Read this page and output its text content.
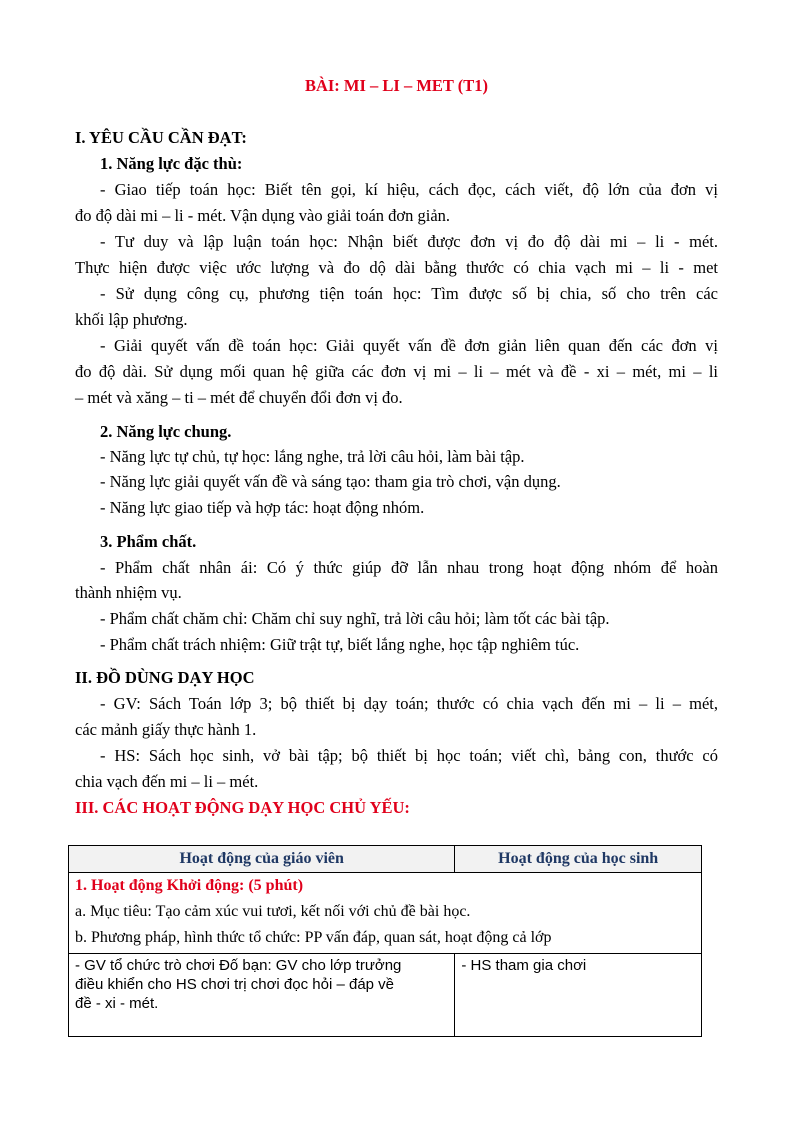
BÀI: MI – LI – MET (T1)
I. YÊU CẦU CẦN ĐẠT:
1. Năng lực đặc thù:
- Giao tiếp toán học: Biết tên gọi, kí hiệu, cách đọc, cách viết, độ lớn của đơn vị
đo độ dài mi – li - mét. Vận dụng vào giải toán đơn giản.
- Tư duy và lập luận toán học: Nhận biết được đơn vị đo độ dài mi – li - mét.
Thực hiện được việc ước lượng và đo dộ dài bằng thước có chia vạch mi – li - met
- Sử dụng công cụ, phương tiện toán học: Tìm được số bị chia, số cho trên các
khối lập phương.
- Giải quyết vấn đề toán học: Giải quyết vấn đề đơn giản liên quan đến các đơn vị
đo độ dài. Sử dụng mối quan hệ giữa các đơn vị mi – li – mét và đề - xi – mét, mi – li
– mét và xăng – ti – mét để chuyển đổi đơn vị đo.
2. Năng lực chung.
- Năng lực tự chủ, tự học: lắng nghe, trả lời câu hỏi, làm bài tập.
- Năng lực giải quyết vấn đề và sáng tạo: tham gia trò chơi, vận dụng.
- Năng lực giao tiếp và hợp tác: hoạt động nhóm.
3. Phẩm chất.
- Phẩm chất nhân ái: Có ý thức giúp đỡ lẫn nhau trong hoạt động nhóm để hoàn
thành nhiệm vụ.
- Phẩm chất chăm chỉ: Chăm chỉ suy nghĩ, trả lời câu hỏi; làm tốt các bài tập.
- Phẩm chất trách nhiệm: Giữ trật tự, biết lắng nghe, học tập nghiêm túc.
II. ĐỒ DÙNG DẠY HỌC
- GV: Sách Toán lớp 3; bộ thiết bị dạy toán; thước có chia vạch đến mi – li – mét,
các mảnh giấy thực hành 1.
- HS: Sách học sinh, vở bài tập; bộ thiết bị học toán; viết chì, bảng con, thước có
chia vạch đến mi – li – mét.
III. CÁC HOẠT ĐỘNG DẠY HỌC CHỦ YẾU:
Hoạt động của giáo viên	Hoạt động của học sinh

1. Hoạt động Khởi động: (5 phút)
a. Mục tiêu: Tạo cảm xúc vui tươi, kết nối với chủ đề bài học.
b. Phương pháp, hình thức tổ chức: PP vấn đáp, quan sát, hoạt động cả lớp	

- GV tổ chức trò chơi Đố bạn: GV cho lớp trưởng
điều khiển cho HS chơi trị chơi đọc hỏi – đáp về
đề - xi - mét.	- HS tham gia chơi
